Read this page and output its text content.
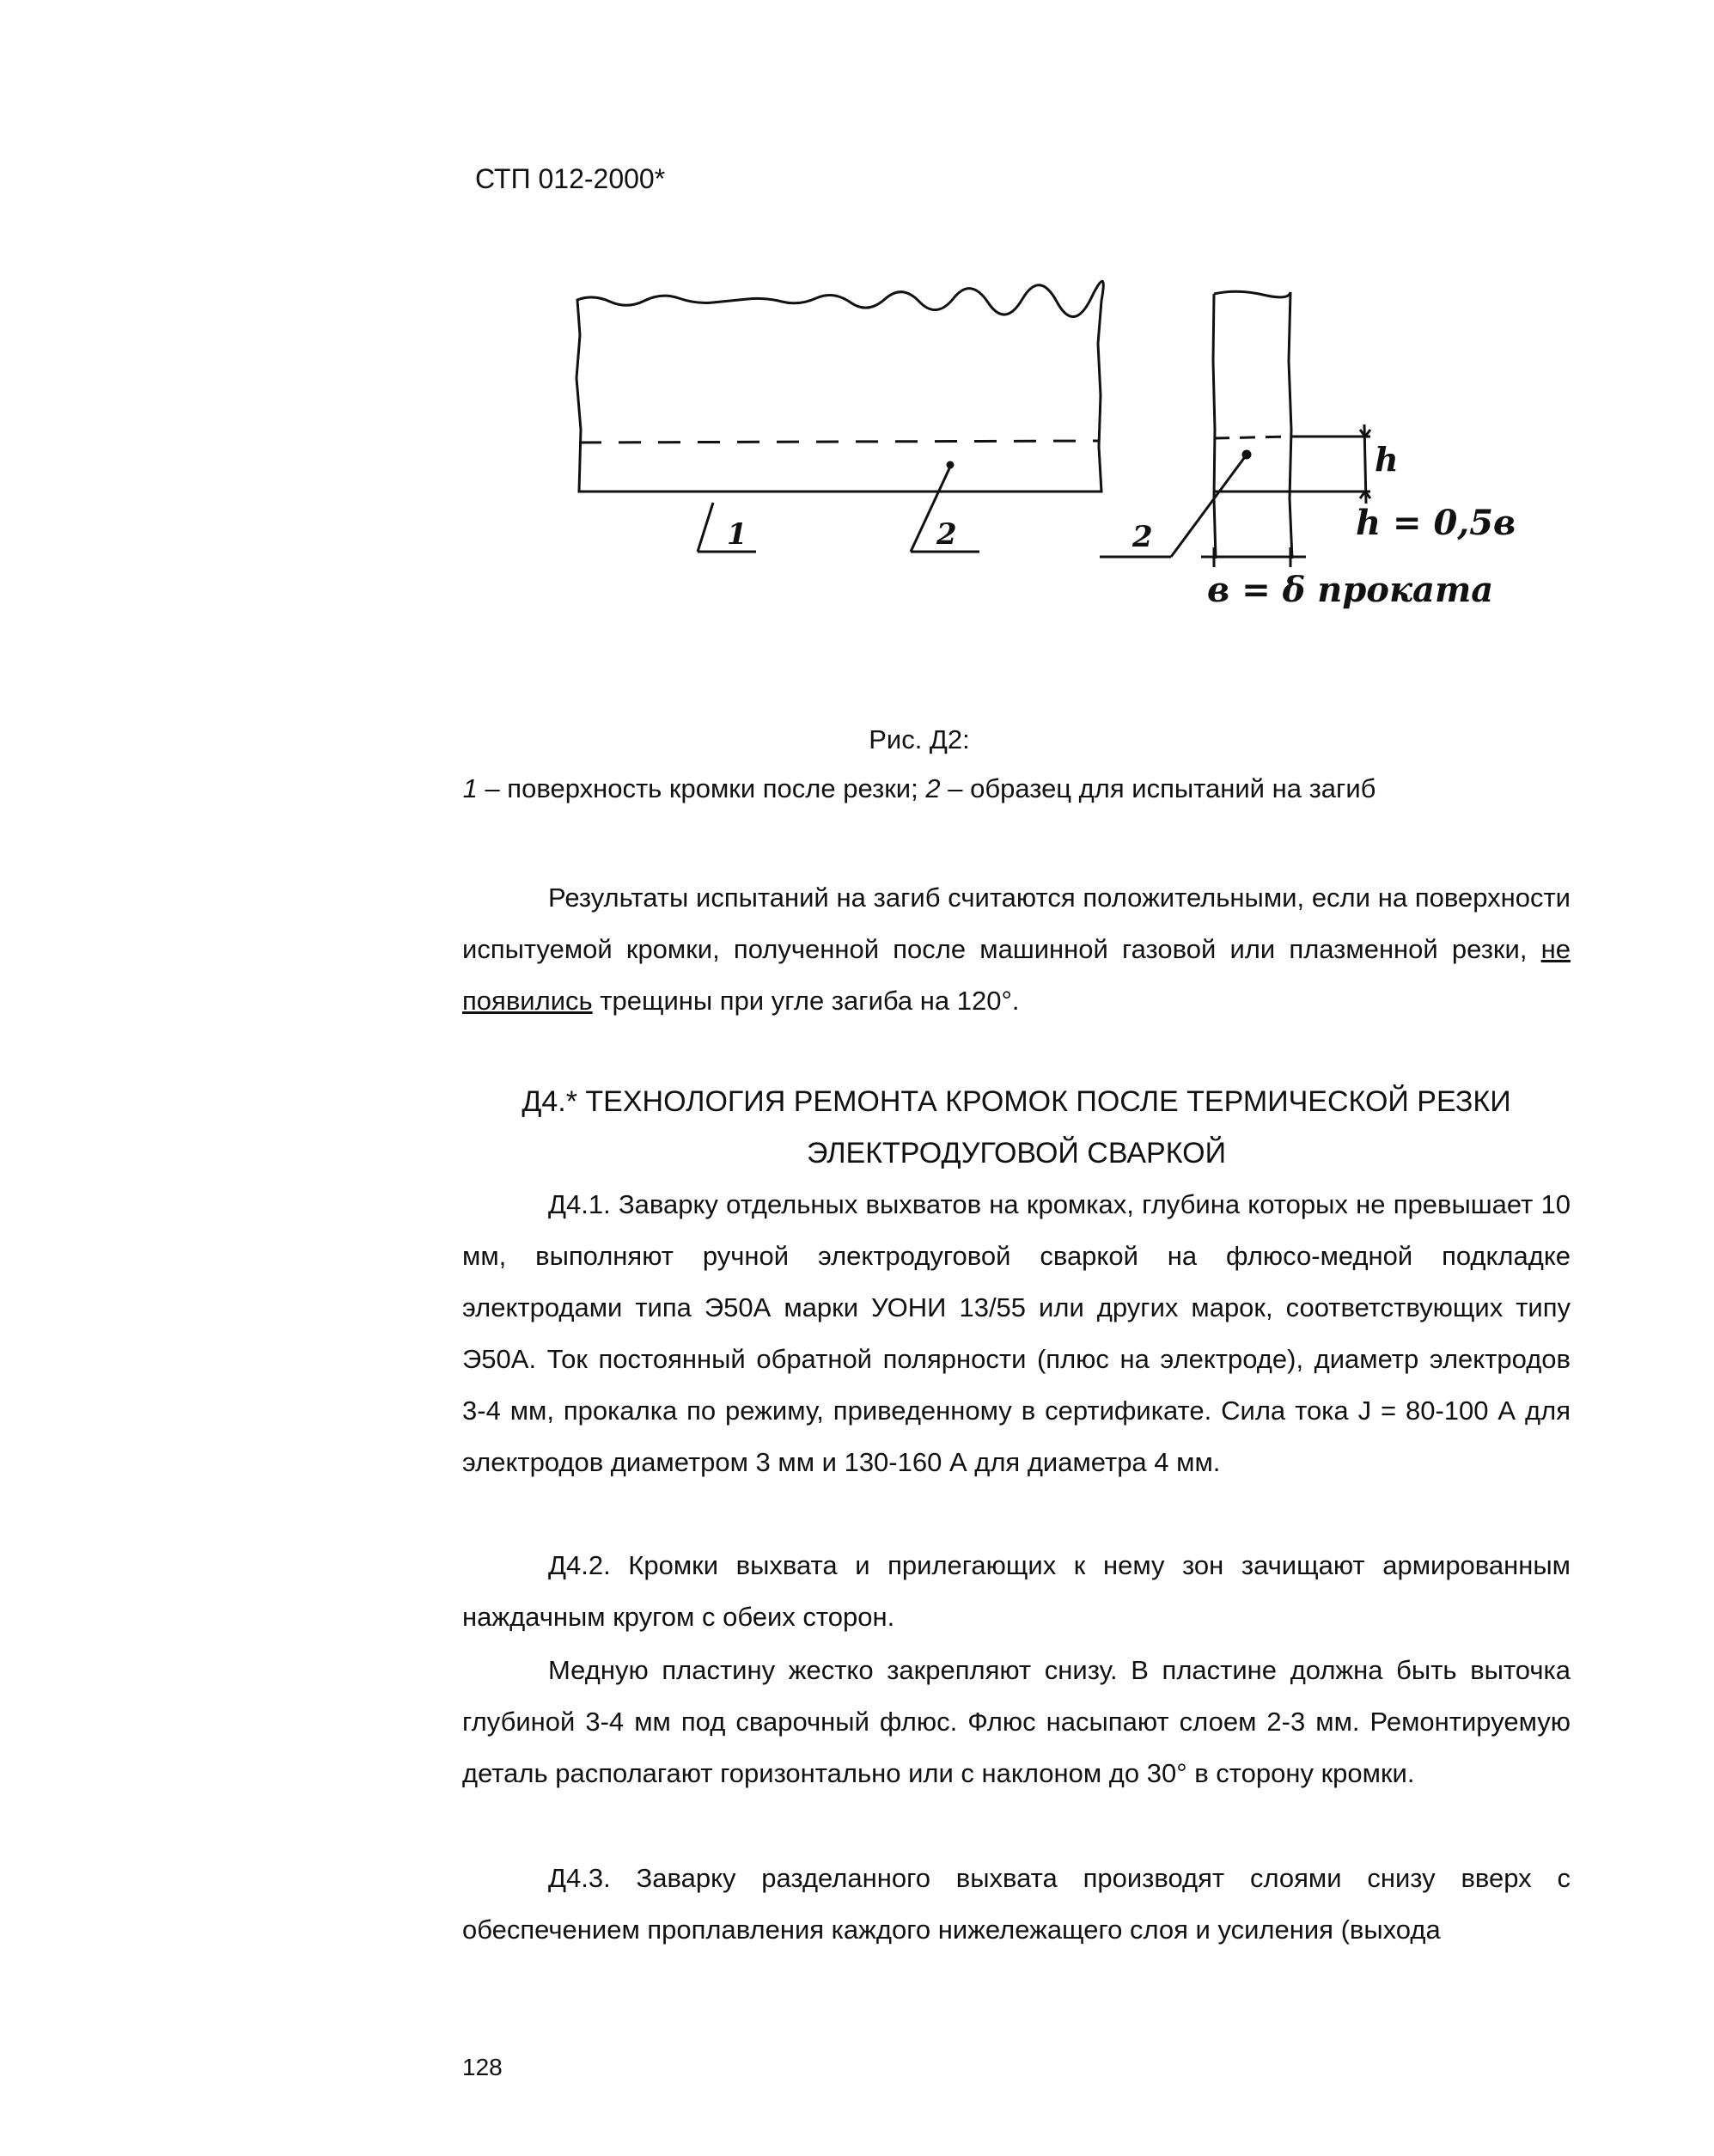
СТП 012-2000*
1	2	2
h
h = 0,5в
в = δ проката
Рис. Д2:
1 – поверхность кромки после резки; 2 – образец для испытаний на загиб
Результаты испытаний на загиб считаются положительными, если на поверхности испытуемой кромки, полученной после машинной газовой или плазменной резки, не появились трещины при угле загиба на 120°.
Д4.* ТЕХНОЛОГИЯ РЕМОНТА КРОМОК ПОСЛЕ ТЕРМИЧЕСКОЙ РЕЗКИ
ЭЛЕКТРОДУГОВОЙ СВАРКОЙ
Д4.1. Заварку отдельных выхватов на кромках, глубина которых не превышает 10 мм, выполняют ручной электродуговой сваркой на флюсо-медной подкладке электродами типа Э50А марки УОНИ 13/55 или других марок, соответствующих типу Э50А. Ток постоянный обратной полярности (плюс на электроде), диаметр электродов 3-4 мм, прокалка по режиму, приведенному в сертификате. Сила тока Ј = 80-100 А для электродов диаметром 3 мм и 130-160 А для диаметра 4 мм.
Д4.2. Кромки выхвата и прилегающих к нему зон зачищают армированным наждачным кругом с обеих сторон.
Медную пластину жестко закрепляют снизу. В пластине должна быть выточка глубиной 3-4 мм под сварочный флюс. Флюс насыпают слоем 2-3 мм. Ремонтируемую деталь располагают горизонтально или с наклоном до 30° в сторону кромки.
Д4.3. Заварку разделанного выхвата производят слоями снизу вверх с обеспечением проплавления каждого нижележащего слоя и усиления (выхода
128
